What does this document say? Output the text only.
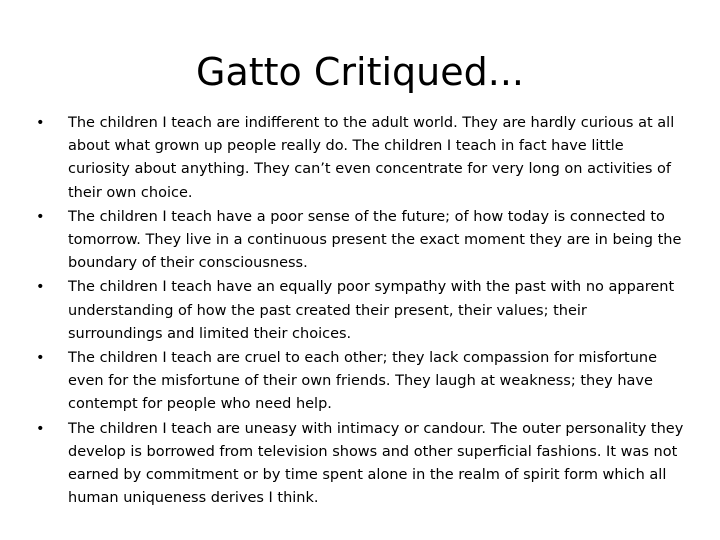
Gatto Critiqued...
• The children I teach are indifferent to the adult world. They are hardly curious at all about what grown up people really do. The children I teach in fact have little curiosity about anything. They can’t even concentrate for very long on activities of their own choice.
• The children I teach have a poor sense of the future; of how today is connected to tomorrow. They live in a continuous present the exact moment they are in being the boundary of their consciousness.
• The children I teach have an equally poor sympathy with the past with no apparent understanding of how the past created their present, their values; their surroundings and limited their choices.
• The children I teach are cruel to each other; they lack compassion for misfortune even for the misfortune of their own friends. They laugh at weakness; they have contempt for people who need help.
• The children I teach are uneasy with intimacy or candour. The outer personality they develop is borrowed from television shows and other superficial fashions. It was not earned by commitment or by time spent alone in the realm of spirit form which all human uniqueness derives I think.
